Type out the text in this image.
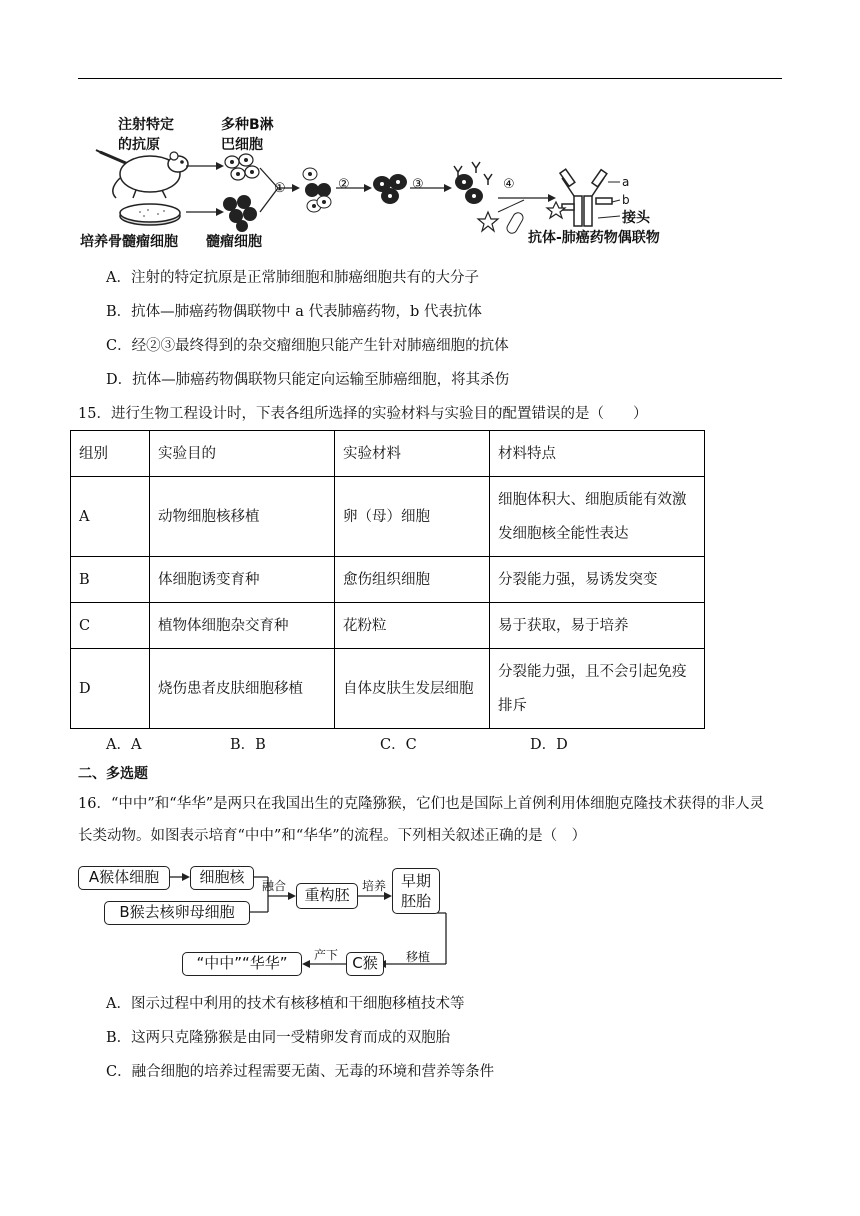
①
注射特定
的抗原
多种B淋
巴细胞
培养骨髓瘤细胞 髓瘤细胞
②	③	④	a
b
接头
抗体-肺癌药物偶联物
A．注射的特定抗原是正常肺细胞和肺癌细胞共有的大分子
B．抗体—肺癌药物偶联物中 a 代表肺癌药物，b 代表抗体
C．经②③最终得到的杂交瘤细胞只能产生针对肺癌细胞的抗体
D．抗体—肺癌药物偶联物只能定向运输至肺癌细胞，将其杀伤
15．进行生物工程设计时，下表各组所选择的实验材料与实验目的配置错误的是（　　）
组别	实验目的	实验材料	材料特点
A	动物细胞核移植	卵（母）细胞	细胞体积大、细胞质能有效激发细胞核全能性表达
B	体细胞诱变育种	愈伤组织细胞	分裂能力强，易诱发突变
C	植物体细胞杂交育种	花粉粒	易于获取，易于培养
D	烧伤患者皮肤细胞移植	自体皮肤生发层细胞	分裂能力强，且不会引起免疫排斥
A．A	B．B	C．C	D．D
二、多选题
16．“中中”和“华华”是两只在我国出生的克隆猕猴，它们也是国际上首例利用体细胞克隆技术获得的非人灵
长类动物。如图表示培育“中中”和“华华”的流程。下列相关叙述正确的是（　）
A猴体细胞	细胞核
B猴去核卵母细胞
融合	重构胚	培养 早期
胚胎
移植
C猴
产下
“中中”“华华”
A．图示过程中利用的技术有核移植和干细胞移植技术等
B．这两只克隆猕猴是由同一受精卵发育而成的双胞胎
C．融合细胞的培养过程需要无菌、无毒的环境和营养等条件
